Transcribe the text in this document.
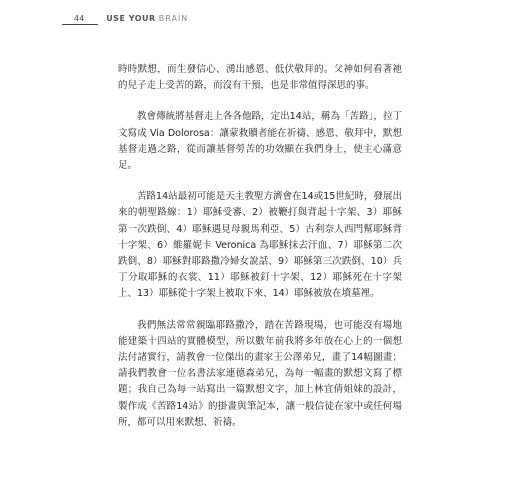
44	USE YOUR BRAIN

時時默想，而生發信心、湧出感恩、低伏敬拜的。父神如何看著祂的兒子走上受苦的路，而沒有干預，也是非常值得深思的事。

教會傳統將基督走上各各他路，定出14站，稱為「苦路」，拉丁文寫成 Via Dolorosa：讓蒙救贖者能在祈禱、感恩、敬拜中，默想基督走過之路，從而讓基督勞苦的功效顯在我們身上，使主心滿意足。

苦路14站最初可能是天主教聖方濟會在14或15世紀時，發展出來的朝聖路線：1）耶穌受審、2）被鞭打與背起十字架、3）耶穌第一次跌倒、4）耶穌遇見母親馬利亞、5）古利奈人西門幫耶穌背十字架、6）維羅妮卡 Veronica 為耶穌抹去汗血、7）耶穌第二次跌倒、8）耶穌對耶路撒冷婦女說話、9）耶穌第三次跌倒、10）兵丁分取耶穌的衣裳、11）耶穌被釘十字架、12）耶穌死在十字架上、13）耶穌從十字架上被取下來、14）耶穌被放在墳墓裡。

我們無法常常親臨耶路撒冷，踏在苦路現場，也可能沒有場地能建築十四站的實體模型，所以數年前我將多年放在心上的一個想法付諸實行，請教會一位傑出的畫家王公澤弟兄，畫了14幅圖畫；請我們教會一位名書法家連德森弟兄，為每一幅畫的默想文寫了標題；我自己為每一站寫出一篇默想文字，加上林宜倩姐妹的設計，製作成《苦路14站》的掛畫與筆記本，讓一般信徒在家中或任何場所，都可以用來默想、祈禱。
